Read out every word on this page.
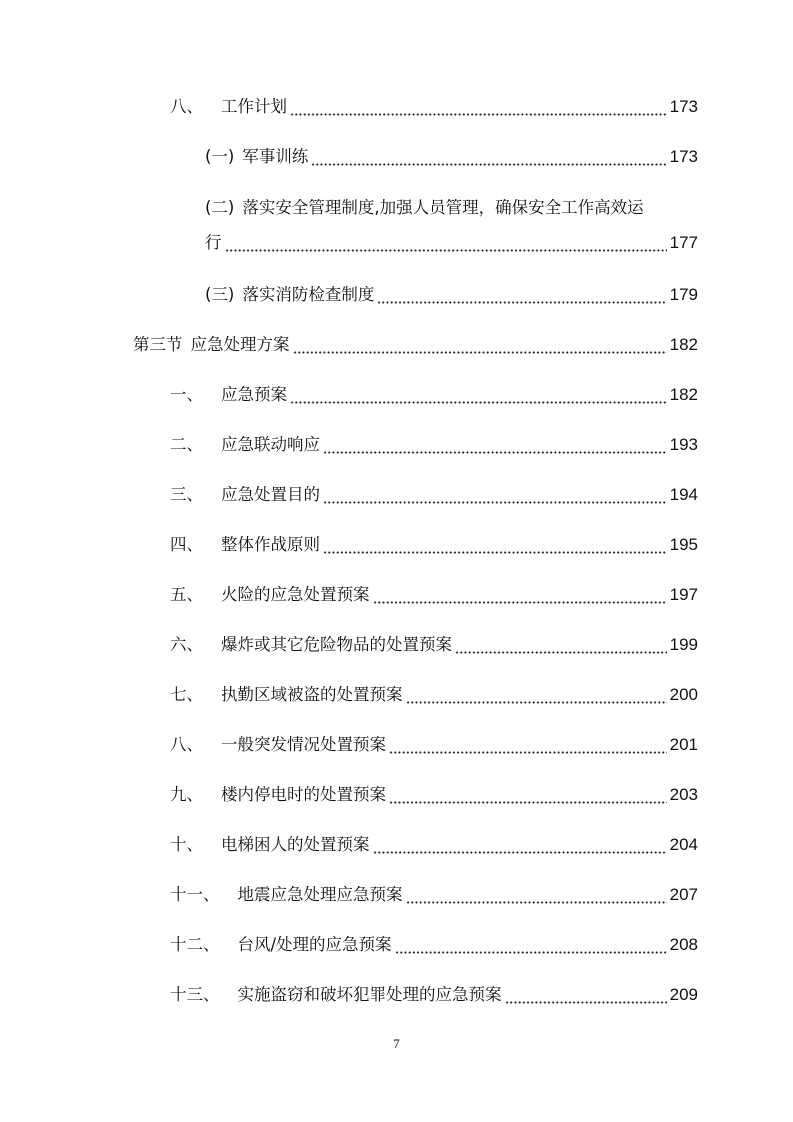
八、 工作计划	173
(一) 军事训练	173
(二) 落实安全管理制度,加强人员管理，确保安全工作高效运
行	177
(三) 落实消防检查制度	179
第三节 应急处理方案	182
一、 应急预案	182
二、 应急联动响应	193
三、 应急处置目的	194
四、 整体作战原则	195
五、 火险的应急处置预案	197
六、 爆炸或其它危险物品的处置预案	199
七、 执勤区域被盗的处置预案	200
八、 一般突发情况处置预案	201
九、 楼内停电时的处置预案	203
十、 电梯困人的处置预案	204
十一、 地震应急处理应急预案	207
十二、 台风/处理的应急预案	208
十三、 实施盗窃和破坏犯罪处理的应急预案	209
7
